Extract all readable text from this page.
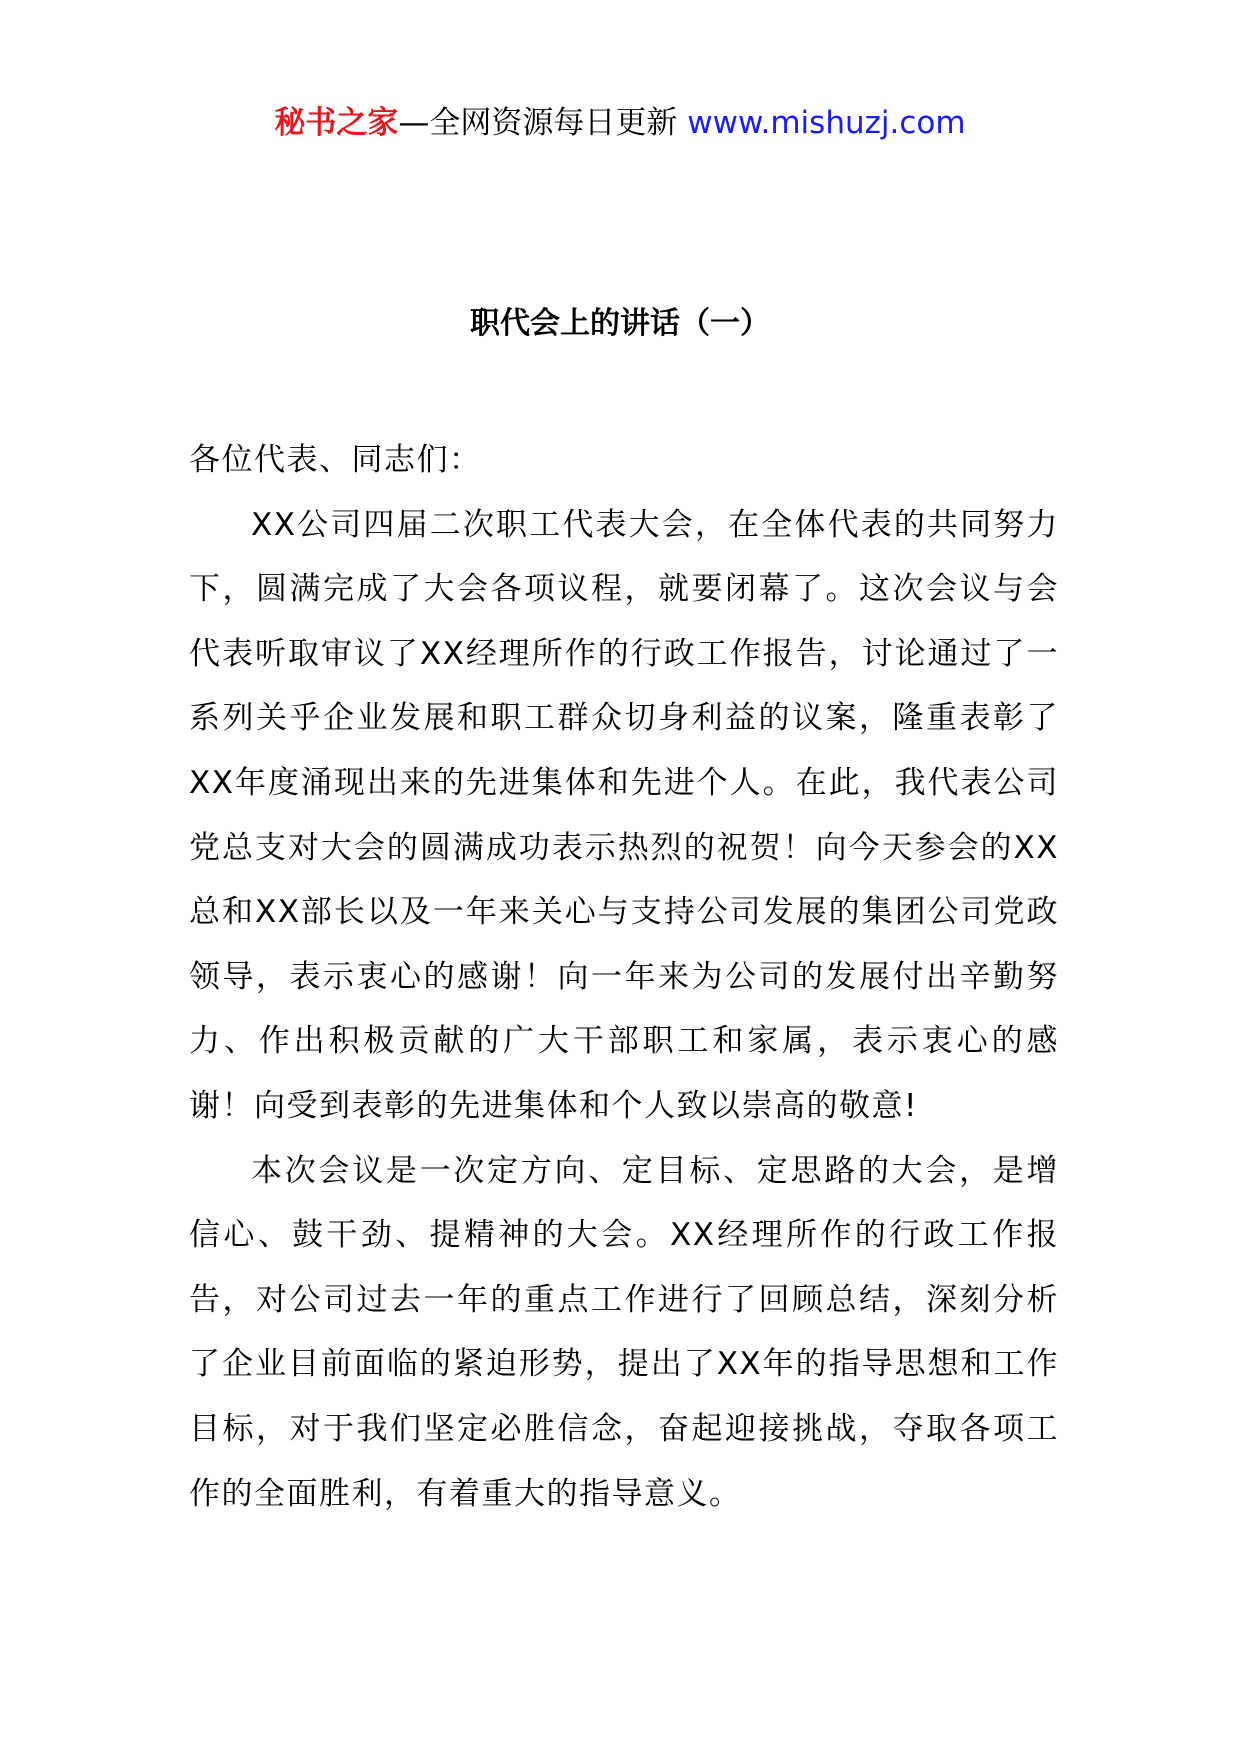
秘书之家—全网资源每日更新 www.mishuzj.com
职代会上的讲话（一）

各位代表、同志们：

XX公司四届二次职工代表大会，在全体代表的共同努力下，圆满完成了大会各项议程，就要闭幕了。这次会议与会代表听取审议了XX经理所作的行政工作报告，讨论通过了一系列关乎企业发展和职工群众切身利益的议案，隆重表彰了XX年度涌现出来的先进集体和先进个人。在此，我代表公司党总支对大会的圆满成功表示热烈的祝贺！向今天参会的XX总和XX部长以及一年来关心与支持公司发展的集团公司党政领导，表示衷心的感谢！向一年来为公司的发展付出辛勤努力、作出积极贡献的广大干部职工和家属，表示衷心的感谢！向受到表彰的先进集体和个人致以崇高的敬意!

本次会议是一次定方向、定目标、定思路的大会，是增信心、鼓干劲、提精神的大会。XX经理所作的行政工作报告，对公司过去一年的重点工作进行了回顾总结，深刻分析了企业目前面临的紧迫形势，提出了XX年的指导思想和工作目标，对于我们坚定必胜信念，奋起迎接挑战，夺取各项工作的全面胜利，有着重大的指导意义。
